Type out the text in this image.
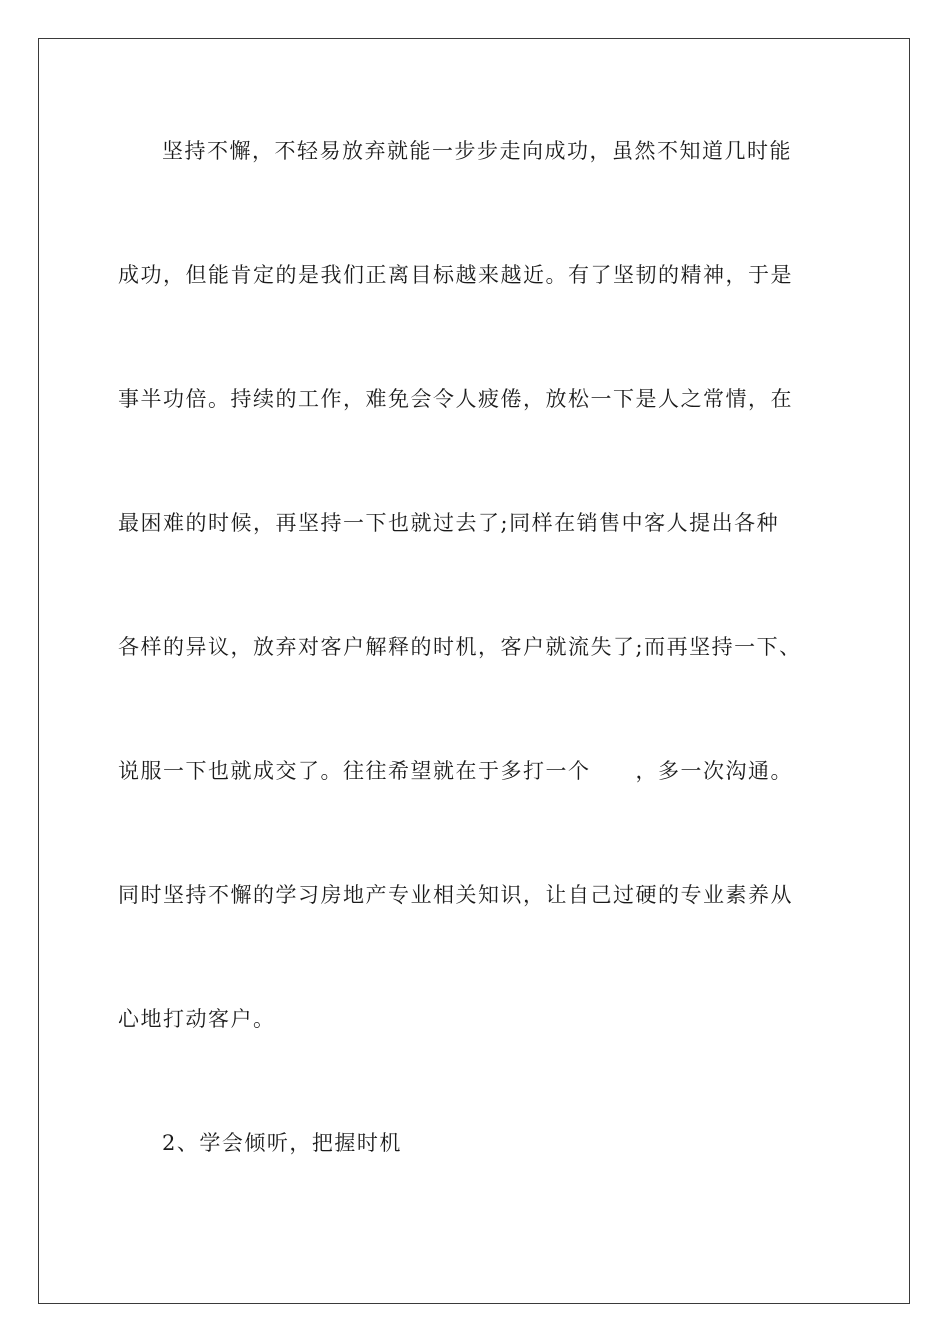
坚持不懈，不轻易放弃就能一步步走向成功，虽然不知道几时能
成功，但能肯定的是我们正离目标越来越近。有了坚韧的精神，于是
事半功倍。持续的工作，难免会令人疲倦，放松一下是人之常情，在
最困难的时候，再坚持一下也就过去了;同样在销售中客人提出各种
各样的异议，放弃对客户解释的时机，客户就流失了;而再坚持一下、
说服一下也就成交了。往往希望就在于多打一个　　，多一次沟通。
同时坚持不懈的学习房地产专业相关知识，让自己过硬的专业素养从
心地打动客户。
2、学会倾听，把握时机
